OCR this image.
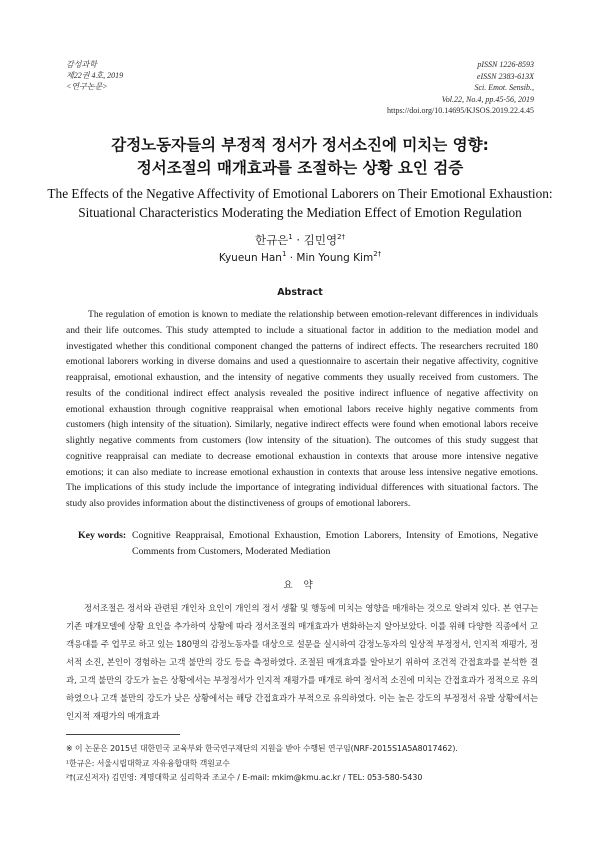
감성과학
제22권 4호, 2019
<연구논문>
pISSN 1226-8593
eISSN 2383-613X
Sci. Emot. Sensib.,
Vol.22, No.4, pp.45-56, 2019
https://doi.org/10.14695/KJSOS.2019.22.4.45
감정노동자들의 부정적 정서가 정서소진에 미치는 영향:
정서조절의 매개효과를 조절하는 상황 요인 검증
The Effects of the Negative Affectivity of Emotional Laborers on Their Emotional Exhaustion:
Situational Characteristics Moderating the Mediation Effect of Emotion Regulation
한규은$^1$ · 김민영$^{2\dagger}$
Kyueun Han$^1$ · Min Young Kim$^{2\dagger}$
Abstract

The regulation of emotion is known to mediate the relationship between emotion-relevant differences in individuals and their life outcomes. This study attempted to include a situational factor in addition to the mediation model and investigated whether this conditional component changed the patterns of indirect effects. The researchers recruited 180 emotional laborers working in diverse domains and used a questionnaire to ascertain their negative affectivity, cognitive reappraisal, emotional exhaustion, and the intensity of negative comments they usually received from customers. The results of the conditional indirect effect analysis revealed the positive indirect influence of negative affectivity on emotional exhaustion through cognitive reappraisal when emotional labors receive highly negative comments from customers (high intensity of the situation). Similarly, negative indirect effects were found when emotional labors receive slightly negative comments from customers (low intensity of the situation). The outcomes of this study suggest that cognitive reappraisal can mediate to decrease emotional exhaustion in contexts that arouse more intensive negative emotions; it can also mediate to increase emotional exhaustion in contexts that arouse less intensive negative emotions. The implications of this study include the importance of integrating individual differences with situational factors. The study also provides information about the distinctiveness of groups of emotional laborers.

Key words: Cognitive Reappraisal, Emotional Exhaustion, Emotion Laborers, Intensity of Emotions, Negative Comments from Customers, Moderated Mediation
요 약

정서조절은 정서와 관련된 개인차 요인이 개인의 정서 생활 및 행동에 미치는 영향을 매개하는 것으로 알려져 있다. 본 연구는 기존 매개모델에 상황 요인을 추가하여 상황에 따라 정서조절의 매개효과가 변화하는지 알아보았다. 이를 위해 다양한 직종에서 고객응대를 주 업무로 하고 있는 180명의 감정노동자를 대상으로 설문을 실시하여 감정노동자의 일상적 부정정서, 인지적 재평가, 정서적 소진, 본인이 경험하는 고객 불만의 강도 등을 측정하였다. 조절된 매개효과를 알아보기 위하여 조건적 간접효과를 분석한 결과, 고객 불만의 강도가 높은 상황에서는 부정정서가 인지적 재평가를 매개로 하여 정서적 소진에 미치는 간접효과가 정적으로 유의하였으나 고객 불만의 강도가 낮은 상황에서는 해당 간접효과가 부적으로 유의하였다. 이는 높은 강도의 부정정서 유발 상황에서는 인지적 재평가의 매개효과

※ 이 논문은 2015년 대한민국 교육부와 한국연구재단의 지원을 받아 수행된 연구임(NRF-2015S1A5A8017462).
¹한규은: 서울시립대학교 자유융합대학 객원교수
²†(교신저자) 김민영: 계명대학교 심리학과 조교수 / E-mail: mkim@kmu.ac.kr / TEL: 053-580-5430
